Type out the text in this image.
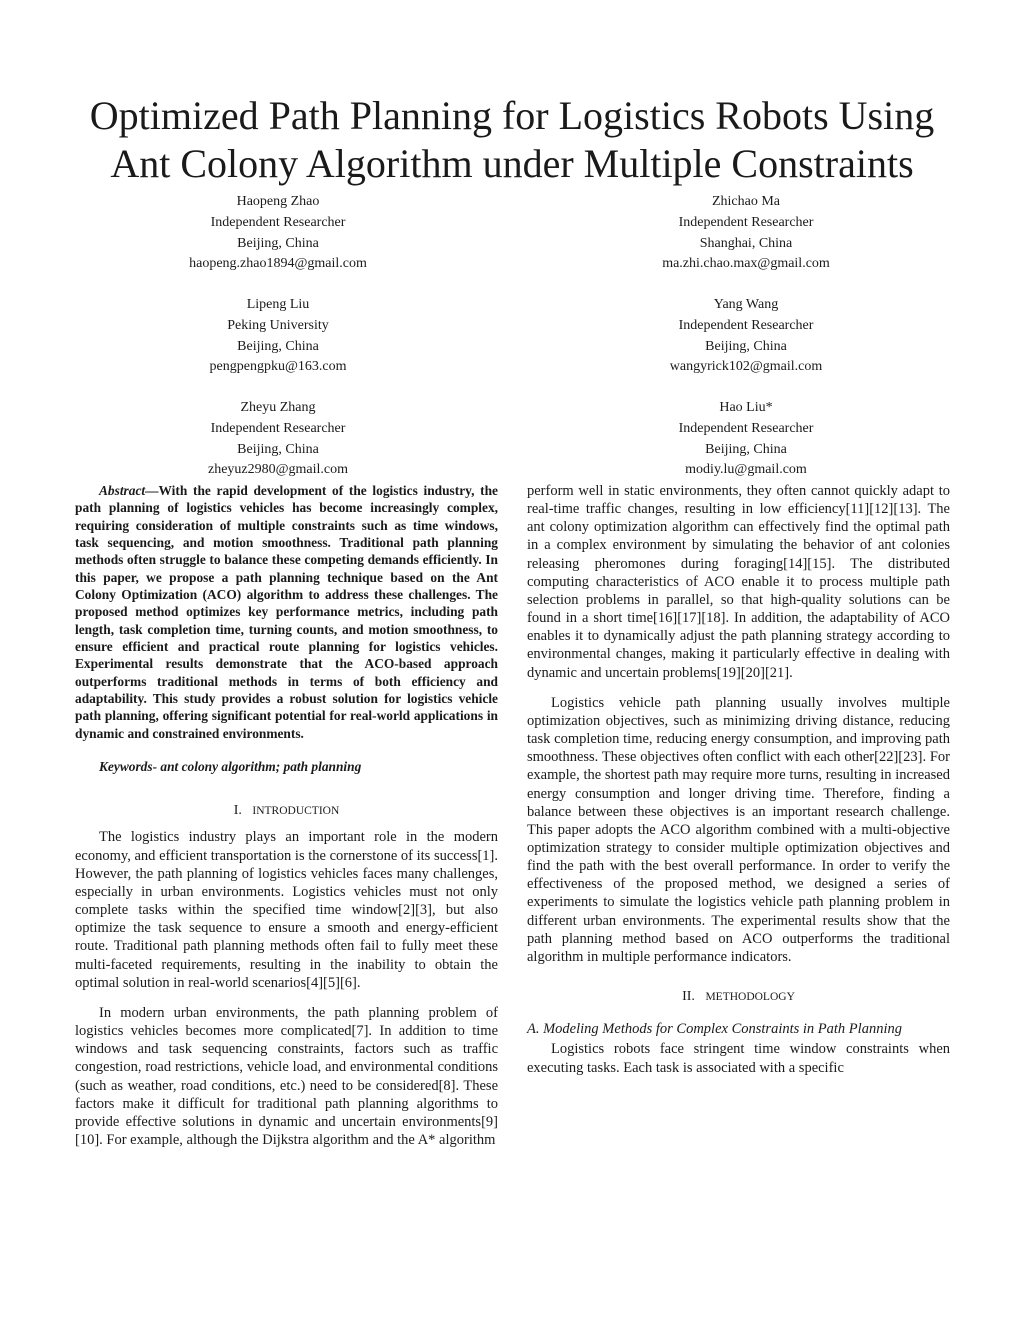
Optimized Path Planning for Logistics Robots Using
Ant Colony Algorithm under Multiple Constraints
Haopeng Zhao
Independent Researcher
Beijing, China
haopeng.zhao1894@gmail.com
Zhichao Ma
Independent Researcher
Shanghai, China
ma.zhi.chao.max@gmail.com
Lipeng Liu
Peking University
Beijing, China
pengpengpku@163.com
Yang Wang
Independent Researcher
Beijing, China
wangyrick102@gmail.com
Zheyu Zhang
Independent Researcher
Beijing, China
zheyuz2980@gmail.com
Hao Liu*
Independent Researcher
Beijing, China
modiy.lu@gmail.com

Abstract—With the rapid development of the logistics industry, the path planning of logistics vehicles has become increasingly complex, requiring consideration of multiple constraints such as time windows, task sequencing, and motion smoothness. Traditional path planning methods often struggle to balance these competing demands efficiently. In this paper, we propose a path planning technique based on the Ant Colony Optimization (ACO) algorithm to address these challenges. The proposed method optimizes key performance metrics, including path length, task completion time, turning counts, and motion smoothness, to ensure efficient and practical route planning for logistics vehicles. Experimental results demonstrate that the ACO-based approach outperforms traditional methods in terms of both efficiency and adaptability. This study provides a robust solution for logistics vehicle path planning, offering significant potential for real-world applications in dynamic and constrained environments.

Keywords- ant colony algorithm; path planning

I. INTRODUCTION

The logistics industry plays an important role in the modern economy, and efficient transportation is the cornerstone of its success[1]. However, the path planning of logistics vehicles faces many challenges, especially in urban environments. Logistics vehicles must not only complete tasks within the specified time window[2][3], but also optimize the task sequence to ensure a smooth and energy-efficient route. Traditional path planning methods often fail to fully meet these multi-faceted requirements, resulting in the inability to obtain the optimal solution in real-world scenarios[4][5][6].

In modern urban environments, the path planning problem of logistics vehicles becomes more complicated[7]. In addition to time windows and task sequencing constraints, factors such as traffic congestion, road restrictions, vehicle load, and environmental conditions (such as weather, road conditions, etc.) need to be considered[8]. These factors make it difficult for traditional path planning algorithms to provide effective solutions in dynamic and uncertain environments[9][10]. For example, although the Dijkstra algorithm and the A* algorithm

perform well in static environments, they often cannot quickly adapt to real-time traffic changes, resulting in low efficiency[11][12][13]. The ant colony optimization algorithm can effectively find the optimal path in a complex environment by simulating the behavior of ant colonies releasing pheromones during foraging[14][15]. The distributed computing characteristics of ACO enable it to process multiple path selection problems in parallel, so that high-quality solutions can be found in a short time[16][17][18]. In addition, the adaptability of ACO enables it to dynamically adjust the path planning strategy according to environmental changes, making it particularly effective in dealing with dynamic and uncertain problems[19][20][21].

Logistics vehicle path planning usually involves multiple optimization objectives, such as minimizing driving distance, reducing task completion time, reducing energy consumption, and improving path smoothness. These objectives often conflict with each other[22][23]. For example, the shortest path may require more turns, resulting in increased energy consumption and longer driving time. Therefore, finding a balance between these objectives is an important research challenge. This paper adopts the ACO algorithm combined with a multi-objective optimization strategy to consider multiple optimization objectives and find the path with the best overall performance. In order to verify the effectiveness of the proposed method, we designed a series of experiments to simulate the logistics vehicle path planning problem in different urban environments. The experimental results show that the path planning method based on ACO outperforms the traditional algorithm in multiple performance indicators.

II. METHODOLOGY

A. Modeling Methods for Complex Constraints in Path Planning

Logistics robots face stringent time window constraints when executing tasks. Each task is associated with a specific
